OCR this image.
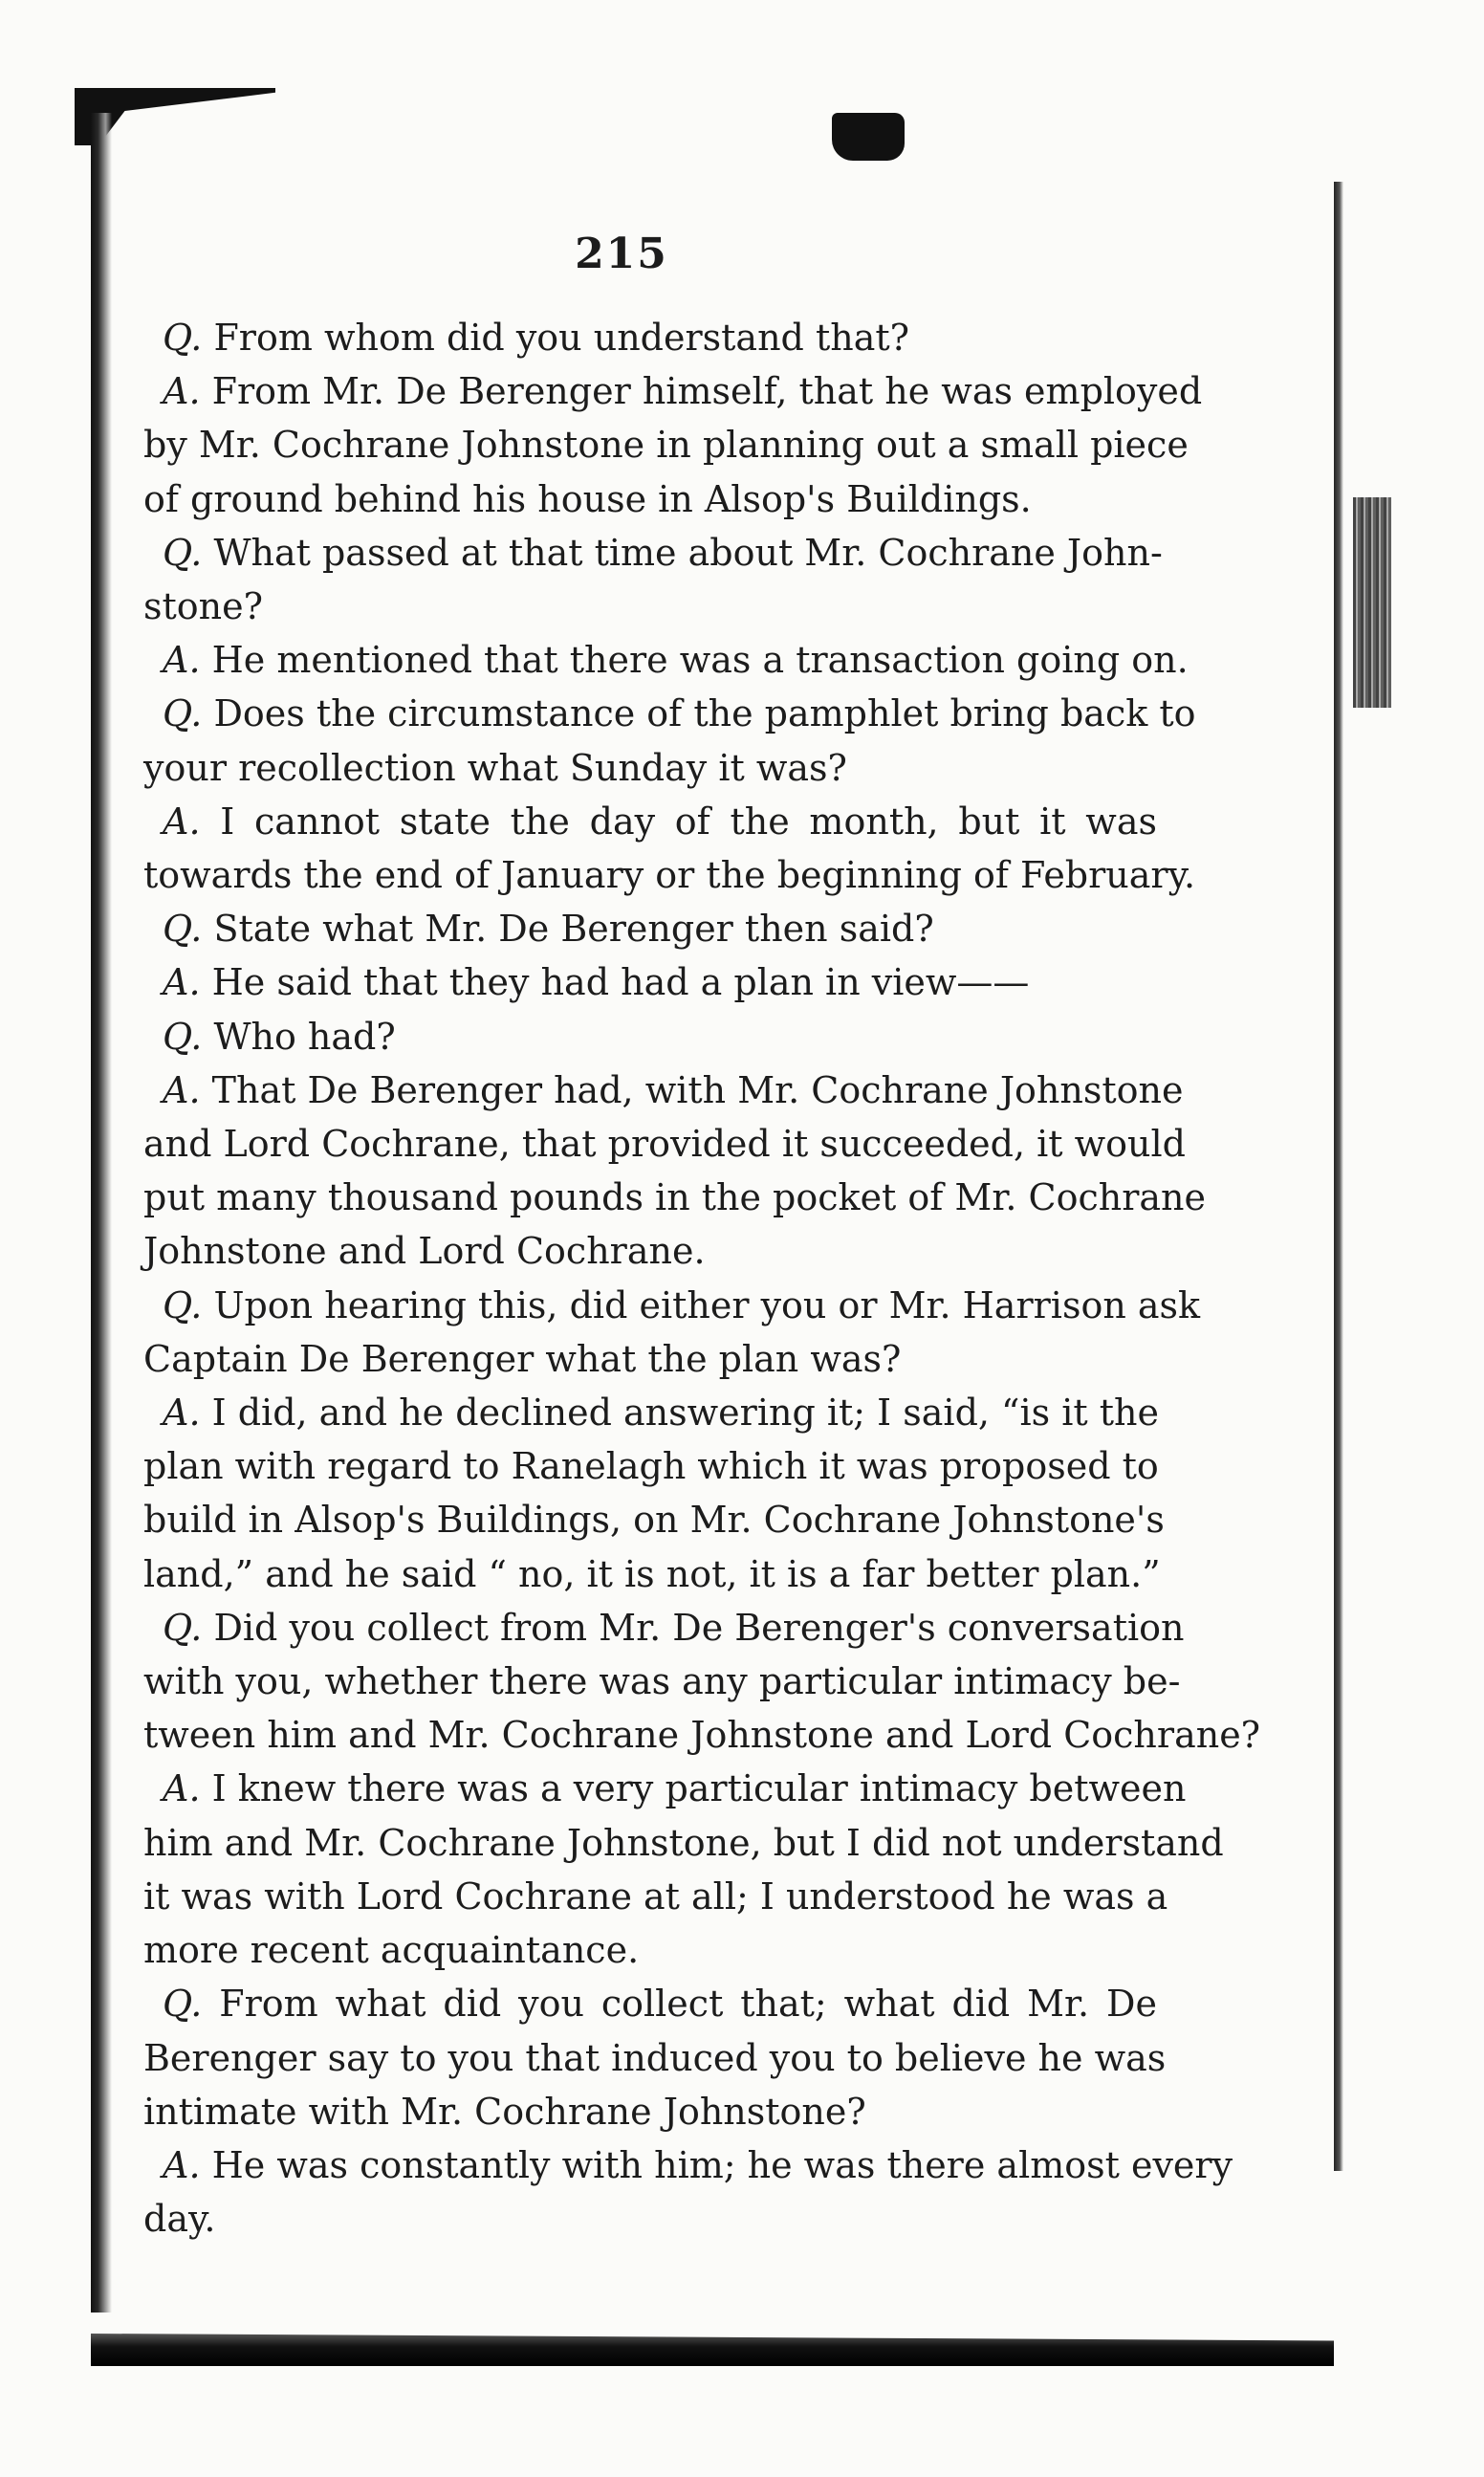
215

Q. From whom did you understand that?

A. From Mr. De Berenger himself, that he was employed

by Mr. Cochrane Johnstone in planning out a small piece

of ground behind his house in Alsop's Buildings.

Q. What passed at that time about Mr. Cochrane John-

stone?

A. He mentioned that there was a transaction going on.

Q. Does the circumstance of the pamphlet bring back to

your recollection what Sunday it was?

A. I cannot state the day of the month, but it was

towards the end of January or the beginning of February.

Q. State what Mr. De Berenger then said?

A. He said that they had had a plan in view——

Q. Who had?

A. That De Berenger had, with Mr. Cochrane Johnstone

and Lord Cochrane, that provided it succeeded, it would

put many thousand pounds in the pocket of Mr. Cochrane

Johnstone and Lord Cochrane.

Q. Upon hearing this, did either you or Mr. Harrison ask

Captain De Berenger what the plan was?

A. I did, and he declined answering it; I said, “is it the

plan with regard to Ranelagh which it was proposed to

build in Alsop's Buildings, on Mr. Cochrane Johnstone's

land,” and he said “ no, it is not, it is a far better plan.”

Q. Did you collect from Mr. De Berenger's conversation

with you, whether there was any particular intimacy be-

tween him and Mr. Cochrane Johnstone and Lord Cochrane?

A. I knew there was a very particular intimacy between

him and Mr. Cochrane Johnstone, but I did not understand

it was with Lord Cochrane at all; I understood he was a

more recent acquaintance.

Q. From what did you collect that; what did Mr. De

Berenger say to you that induced you to believe he was

intimate with Mr. Cochrane Johnstone?

A. He was constantly with him; he was there almost every

day.
